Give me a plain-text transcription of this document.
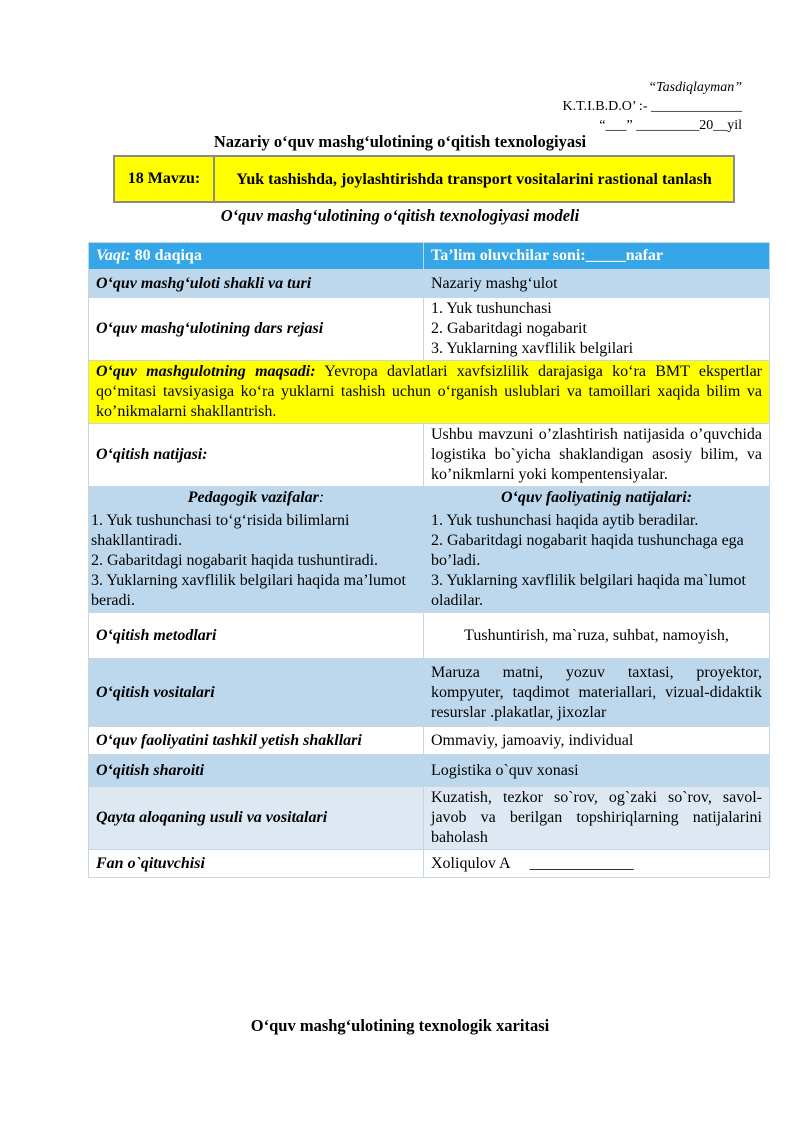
“Tasdiqlayman”
K.T.I.B.D.O’ :- _____________
“___” _________20__yil
Nazariy o‘quv mashg‘ulotining o‘qitish texnologiyasi
18 Mavzu:	Yuk tashishda, joylashtirishda transport vositalarini rastional tanlash
O‘quv mashg‘ulotining o‘qitish texnologiyasi modeli
Vaqt: 80 daqiqa	Ta’lim oluvchilar soni:_____nafar
O‘quv mashg‘uloti shakli va turi	Nazariy mashg‘ulot
O‘quv mashg‘ulotining dars rejasi	1. Yuk tushunchasi
2. Gabaritdagi nogabarit
3. Yuklarning xavflilik belgilari

O‘quv mashgulotning maqsadi: Yevropa davlatlari xavfsizlilik darajasiga ko‘ra BMT ekspertlar qo‘mitasi tavsiyasiga ko‘ra yuklarni tashish uchun o‘rganish uslublari va tamoillari xaqida bilim va ko’nikmalarni shakllantrish.	
O‘qitish natijasi:	Ushbu mavzuni o’zlashtirish natijasida o’quvchida logistika bo`yicha shaklandigan asosiy bilim, va ko’nikmlarni yoki kompentensiyalar.
Pedagogik vazifalar:	O‘quv faoliyatinig natijalari:

1. Yuk tushunchasi to‘g‘risida bilimlarni shakllantiradi.
2. Gabaritdagi nogabarit haqida tushuntiradi.
3. Yuklarning xavflilik belgilari haqida ma’lumot beradi.	1. Yuk tushunchasi haqida aytib beradilar.
2. Gabaritdagi nogabarit haqida tushunchaga ega bo’ladi.
3. Yuklarning xavflilik belgilari haqida ma`lumot oladilar.

O‘qitish metodlari	Tushuntirish, ma`ruza, suhbat, namoyish,
O‘qitish vositalari	Maruza matni, yozuv taxtasi, proyektor, kompyuter, taqdimot materiallari, vizual-didaktik resurslar .plakatlar, jixozlar
O‘quv faoliyatini tashkil yetish shakllari	Ommaviy, jamoaviy, individual
O‘qitish sharoiti	Logistika o`quv xonasi
Qayta aloqaning usuli va vositalari	Kuzatish, tezkor so`rov, og`zaki so`rov, savol-javob va berilgan topshiriqlarning natijalarini baholash
Fan o`qituvchisi	Xoliqulov A     _____________
O‘quv mashg‘ulotining texnologik xaritasi
